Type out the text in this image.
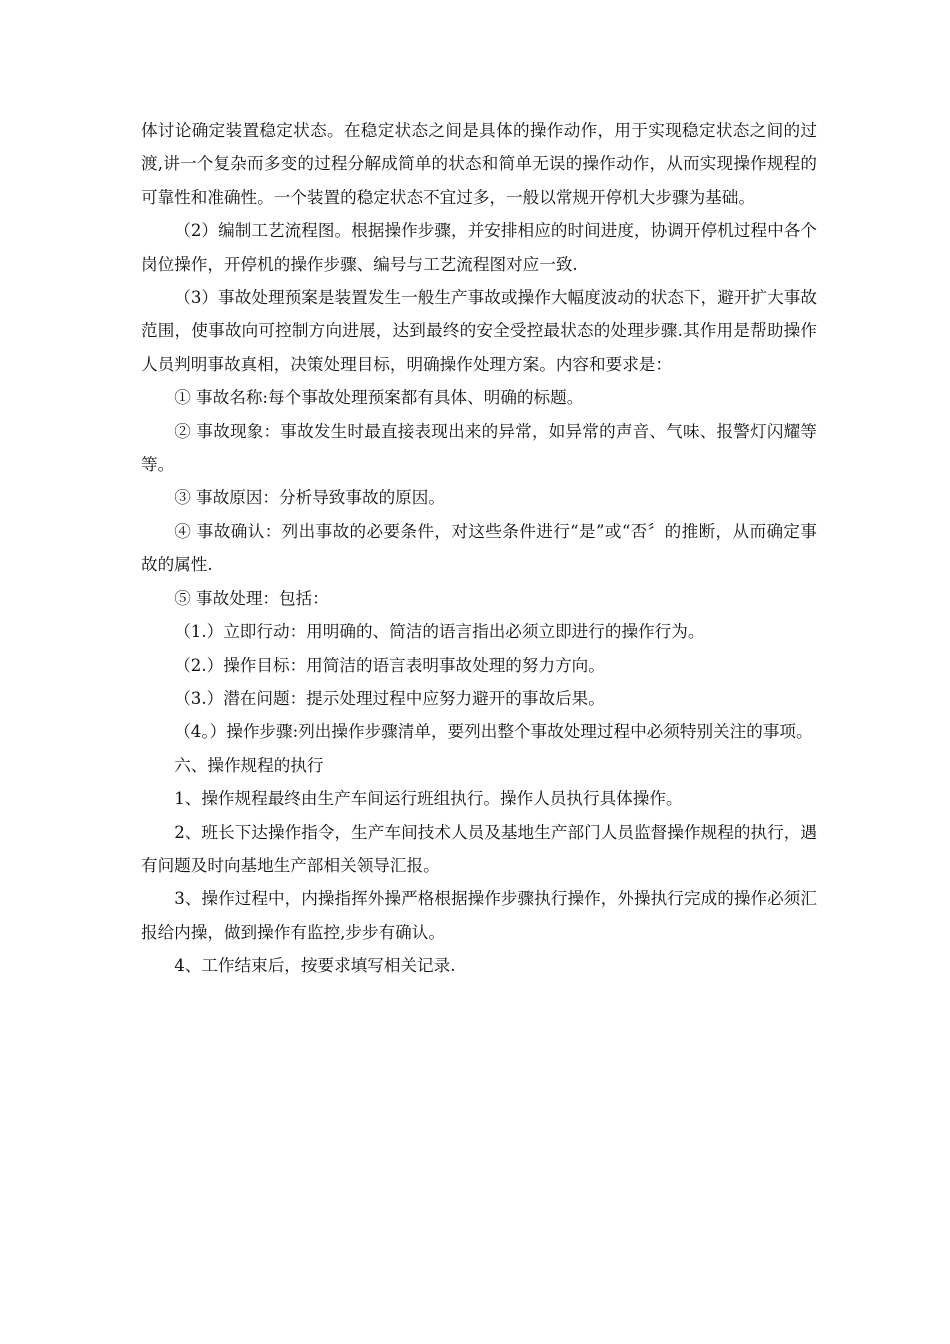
体讨论确定装置稳定状态。在稳定状态之间是具体的操作动作，用于实现稳定状态之间的过渡,讲一个复杂而多变的过程分解成简单的状态和简单无误的操作动作，从而实现操作规程的可靠性和准确性。一个装置的稳定状态不宜过多，一般以常规开停机大步骤为基础。

（2）编制工艺流程图。根据操作步骤，并安排相应的时间进度，协调开停机过程中各个岗位操作，开停机的操作步骤、编号与工艺流程图对应一致.

（3）事故处理预案是装置发生一般生产事故或操作大幅度波动的状态下，避开扩大事故范围，使事故向可控制方向进展，达到最终的安全受控最状态的处理步骤.其作用是帮助操作人员判明事故真相，决策处理目标，明确操作处理方案。内容和要求是：

① 事故名称:每个事故处理预案都有具体、明确的标题。

② 事故现象：事故发生时最直接表现出来的异常，如异常的声音、气味、报警灯闪耀等等。

③ 事故原因：分析导致事故的原因。

④ 事故确认：列出事故的必要条件，对这些条件进行“是”或“否〞的推断，从而确定事故的属性.

⑤ 事故处理：包括：

（1.）立即行动：用明确的、简洁的语言指出必须立即进行的操作行为。

（2.）操作目标：用简洁的语言表明事故处理的努力方向。

（3.）潜在问题：提示处理过程中应努力避开的事故后果。

（4。）操作步骤:列出操作步骤清单，要列出整个事故处理过程中必须特别关注的事项。

六、操作规程的执行

1、操作规程最终由生产车间运行班组执行。操作人员执行具体操作。

2、班长下达操作指令，生产车间技术人员及基地生产部门人员监督操作规程的执行，遇有问题及时向基地生产部相关领导汇报。

3、操作过程中，内操指挥外操严格根据操作步骤执行操作，外操执行完成的操作必须汇报给内操，做到操作有监控,步步有确认。

4、工作结束后，按要求填写相关记录.
